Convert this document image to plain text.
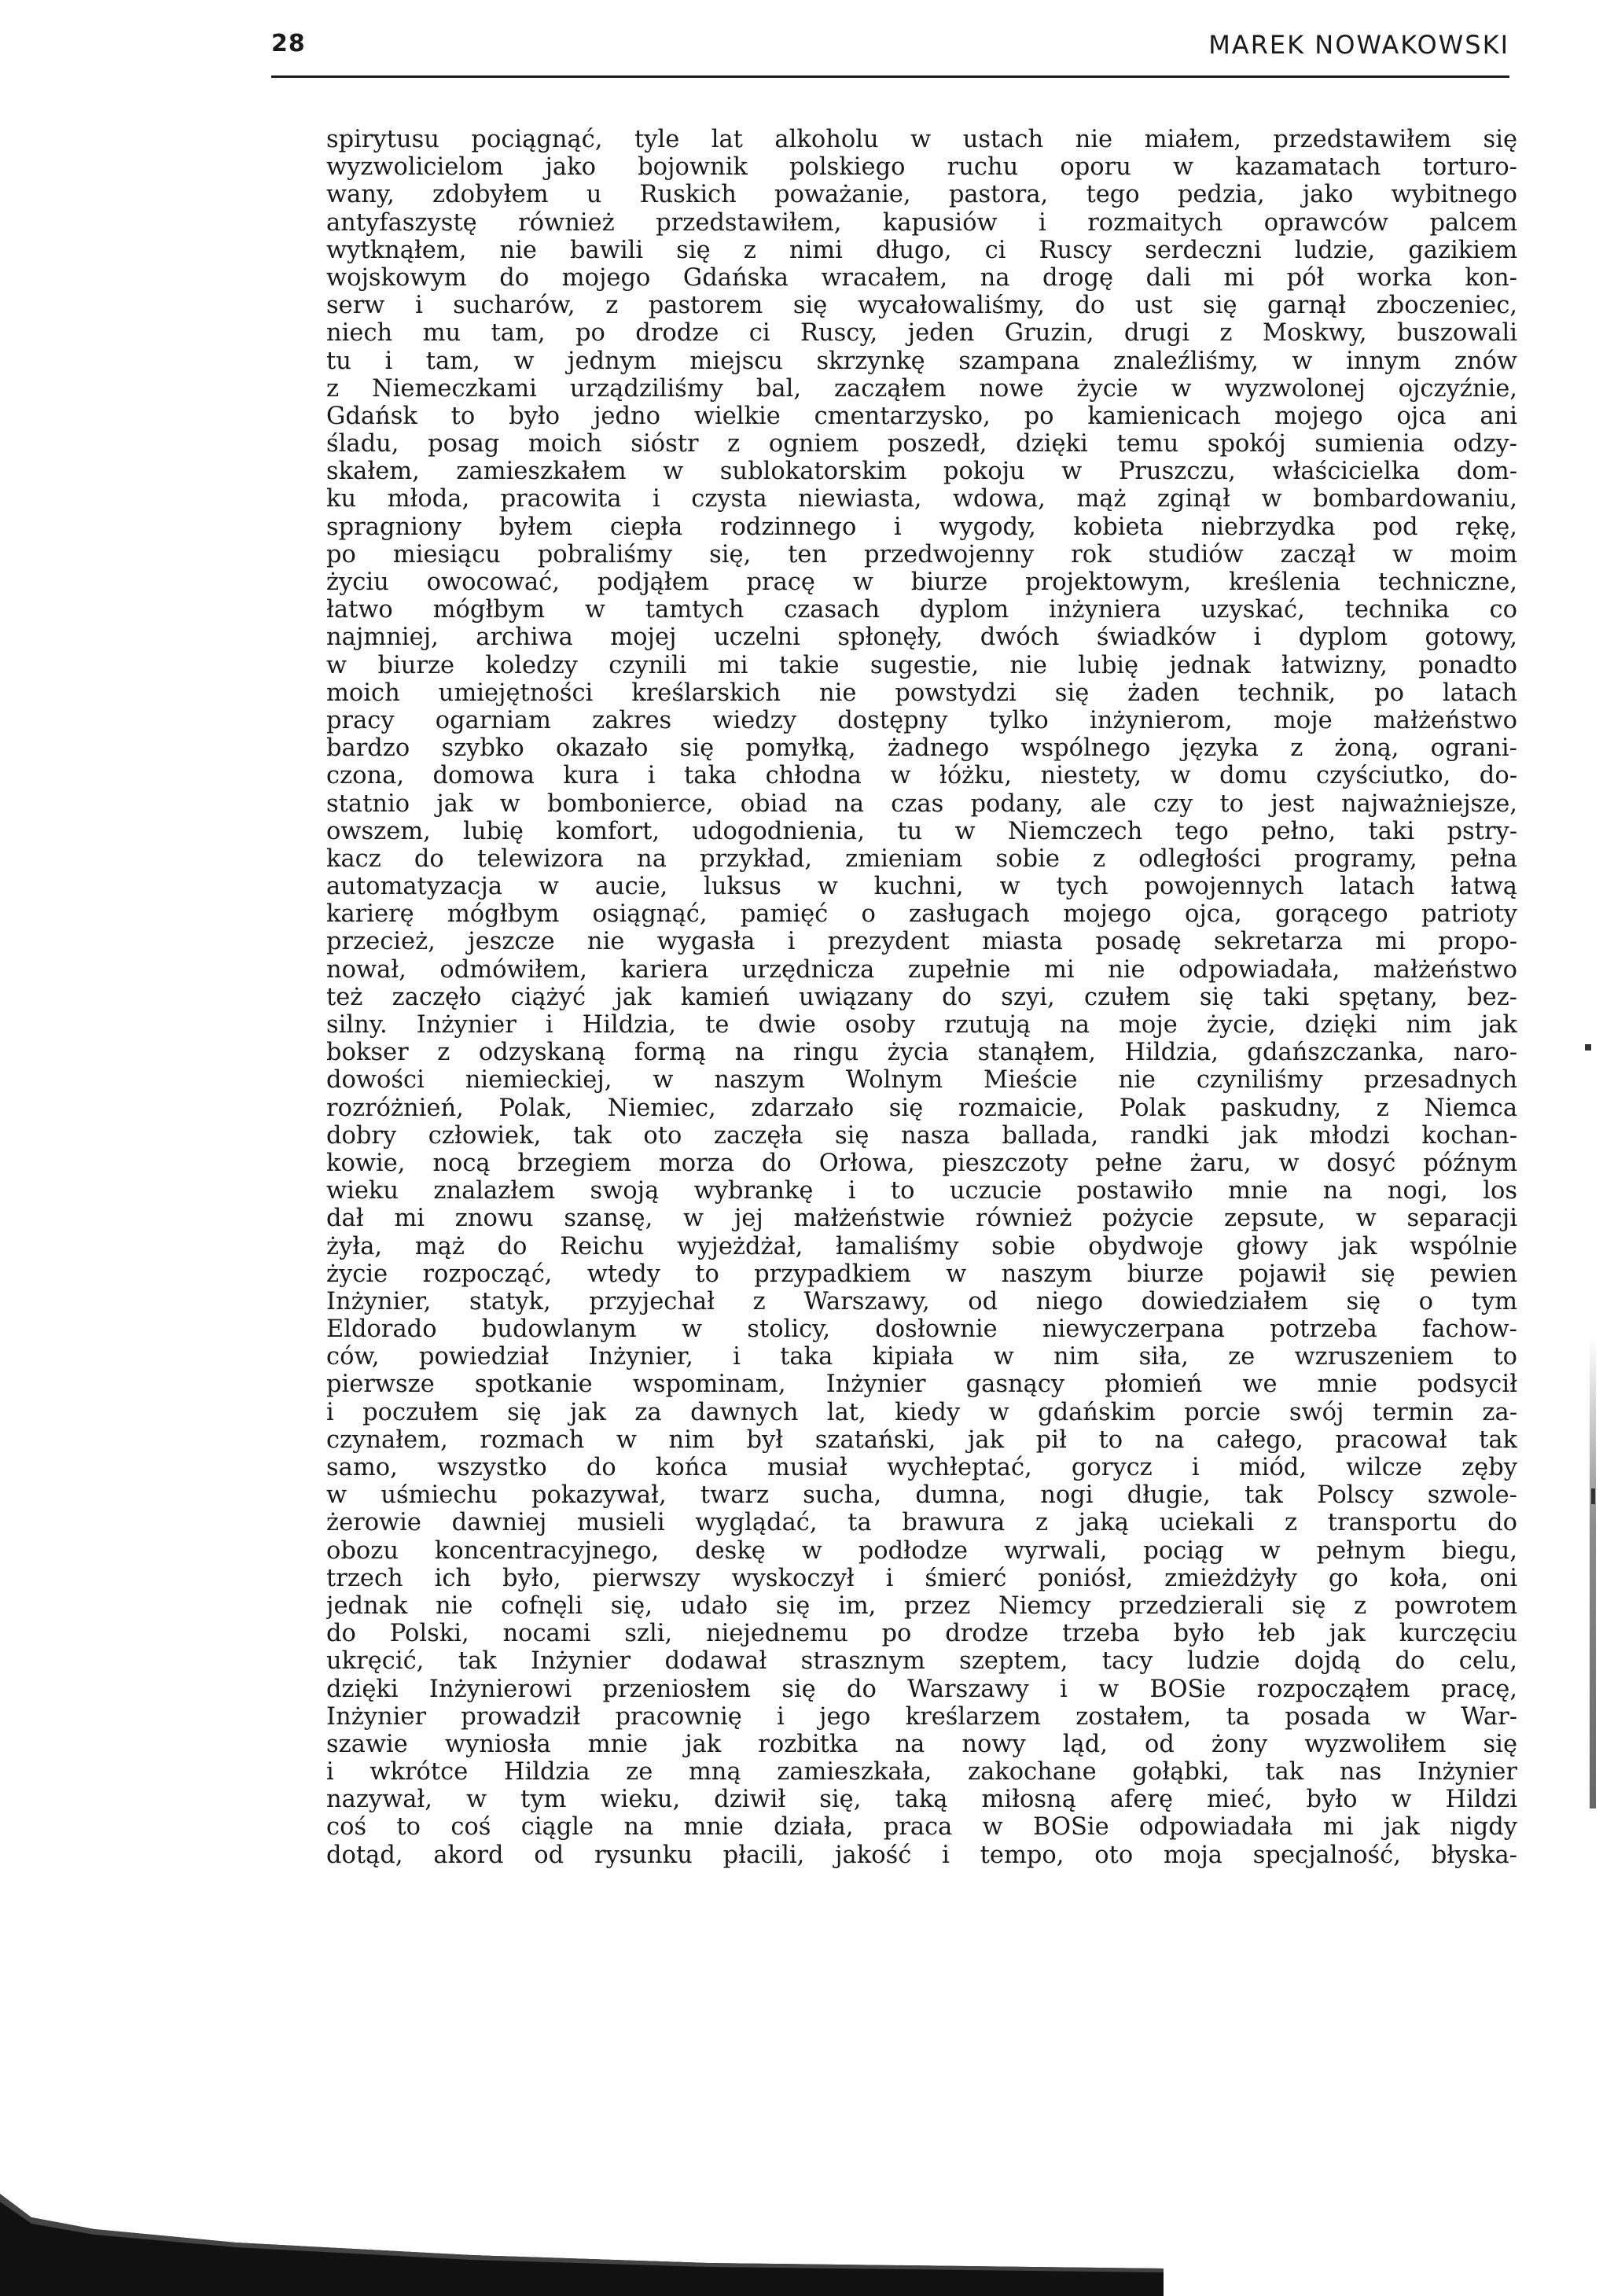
28	MAREK NOWAKOWSKI
spirytusu pociągnąć, tyle lat alkoholu w ustach nie miałem, przedstawiłem się
wyzwolicielom jako bojownik polskiego ruchu oporu w kazamatach torturo-
wany, zdobyłem u Ruskich poważanie, pastora, tego pedzia, jako wybitnego
antyfaszystę również przedstawiłem, kapusiów i rozmaitych oprawców palcem
wytknąłem, nie bawili się z nimi długo, ci Ruscy serdeczni ludzie, gazikiem
wojskowym do mojego Gdańska wracałem, na drogę dali mi pół worka kon-
serw i sucharów, z pastorem się wycałowaliśmy, do ust się garnął zboczeniec,
niech mu tam, po drodze ci Ruscy, jeden Gruzin, drugi z Moskwy, buszowali
tu i tam, w jednym miejscu skrzynkę szampana znaleźliśmy, w innym znów
z Niemeczkami urządziliśmy bal, zacząłem nowe życie w wyzwolonej ojczyźnie,
Gdańsk to było jedno wielkie cmentarzysko, po kamienicach mojego ojca ani
śladu, posag moich sióstr z ogniem poszedł, dzięki temu spokój sumienia odzy-
skałem, zamieszkałem w sublokatorskim pokoju w Pruszczu, właścicielka dom-
ku młoda, pracowita i czysta niewiasta, wdowa, mąż zginął w bombardowaniu,
spragniony byłem ciepła rodzinnego i wygody, kobieta niebrzydka pod rękę,
po miesiącu pobraliśmy się, ten przedwojenny rok studiów zaczął w moim
życiu owocować, podjąłem pracę w biurze projektowym, kreślenia techniczne,
łatwo mógłbym w tamtych czasach dyplom inżyniera uzyskać, technika co
najmniej, archiwa mojej uczelni spłonęły, dwóch świadków i dyplom gotowy,
w biurze koledzy czynili mi takie sugestie, nie lubię jednak łatwizny, ponadto
moich umiejętności kreślarskich nie powstydzi się żaden technik, po latach
pracy ogarniam zakres wiedzy dostępny tylko inżynierom, moje małżeństwo
bardzo szybko okazało się pomyłką, żadnego wspólnego języka z żoną, ograni-
czona, domowa kura i taka chłodna w łóżku, niestety, w domu czyściutko, do-
statnio jak w bombonierce, obiad na czas podany, ale czy to jest najważniejsze,
owszem, lubię komfort, udogodnienia, tu w Niemczech tego pełno, taki pstry-
kacz do telewizora na przykład, zmieniam sobie z odległości programy, pełna
automatyzacja w aucie, luksus w kuchni, w tych powojennych latach łatwą
karierę mógłbym osiągnąć, pamięć o zasługach mojego ojca, gorącego patrioty
przecież, jeszcze nie wygasła i prezydent miasta posadę sekretarza mi propo-
nował, odmówiłem, kariera urzędnicza zupełnie mi nie odpowiadała, małżeństwo
też zaczęło ciążyć jak kamień uwiązany do szyi, czułem się taki spętany, bez-
silny. Inżynier i Hildzia, te dwie osoby rzutują na moje życie, dzięki nim jak
bokser z odzyskaną formą na ringu życia stanąłem, Hildzia, gdańszczanka, naro-
dowości niemieckiej, w naszym Wolnym Mieście nie czyniliśmy przesadnych
rozróżnień, Polak, Niemiec, zdarzało się rozmaicie, Polak paskudny, z Niemca
dobry człowiek, tak oto zaczęła się nasza ballada, randki jak młodzi kochan-
kowie, nocą brzegiem morza do Orłowa, pieszczoty pełne żaru, w dosyć późnym
wieku znalazłem swoją wybrankę i to uczucie postawiło mnie na nogi, los
dał mi znowu szansę, w jej małżeństwie również pożycie zepsute, w separacji
żyła, mąż do Reichu wyjeżdżał, łamaliśmy sobie obydwoje głowy jak wspólnie
życie rozpocząć, wtedy to przypadkiem w naszym biurze pojawił się pewien
Inżynier, statyk, przyjechał z Warszawy, od niego dowiedziałem się o tym
Eldorado budowlanym w stolicy, dosłownie niewyczerpana potrzeba fachow-
ców, powiedział Inżynier, i taka kipiała w nim siła, ze wzruszeniem to
pierwsze spotkanie wspominam, Inżynier gasnący płomień we mnie podsycił
i poczułem się jak za dawnych lat, kiedy w gdańskim porcie swój termin za-
czynałem, rozmach w nim był szatański, jak pił to na całego, pracował tak
samo, wszystko do końca musiał wychłeptać, gorycz i miód, wilcze zęby
w uśmiechu pokazywał, twarz sucha, dumna, nogi długie, tak Polscy szwole-
żerowie dawniej musieli wyglądać, ta brawura z jaką uciekali z transportu do
obozu koncentracyjnego, deskę w podłodze wyrwali, pociąg w pełnym biegu,
trzech ich było, pierwszy wyskoczył i śmierć poniósł, zmieżdżyły go koła, oni
jednak nie cofnęli się, udało się im, przez Niemcy przedzierali się z powrotem
do Polski, nocami szli, niejednemu po drodze trzeba było łeb jak kurczęciu
ukręcić, tak Inżynier dodawał strasznym szeptem, tacy ludzie dojdą do celu,
dzięki Inżynierowi przeniosłem się do Warszawy i w BOSie rozpocząłem pracę,
Inżynier prowadził pracownię i jego kreślarzem zostałem, ta posada w War-
szawie wyniosła mnie jak rozbitka na nowy ląd, od żony wyzwoliłem się
i wkrótce Hildzia ze mną zamieszkała, zakochane gołąbki, tak nas Inżynier
nazywał, w tym wieku, dziwił się, taką miłosną aferę mieć, było w Hildzi
coś to coś ciągle na mnie działa, praca w BOSie odpowiadała mi jak nigdy
dotąd, akord od rysunku płacili, jakość i tempo, oto moja specjalność, błyska-
